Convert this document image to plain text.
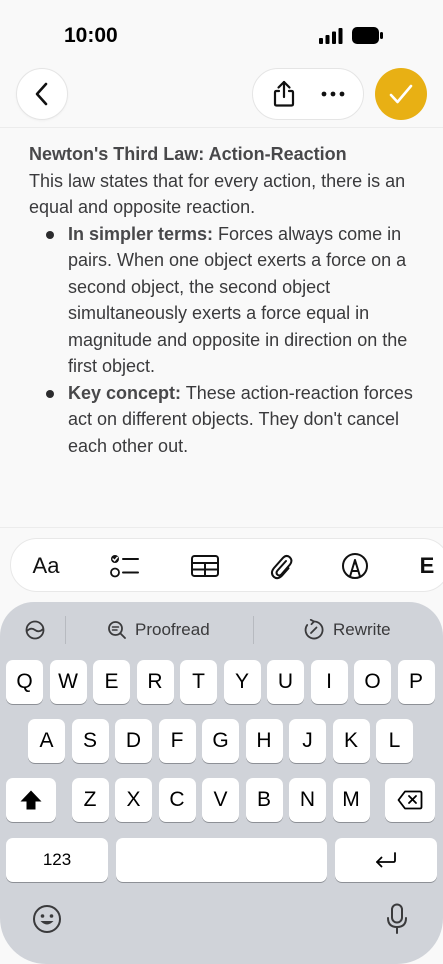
10:00
Newton's Third Law: Action-Reaction
This law states that for every action, there is an equal and opposite reaction.
In simpler terms: Forces always come in pairs. When one object exerts a force on a second object, the second object simultaneously exerts a force equal in magnitude and opposite in direction on the first object.
Key concept: These action-reaction forces act on different objects. They don't cancel each other out.
Aa	E
Proofread	Rewrite
Q	W	E	R	T	Y	U	I	O	P
A	S	D	F	G	H	J	K	L
Z	X	C	V	B	N	M
123
